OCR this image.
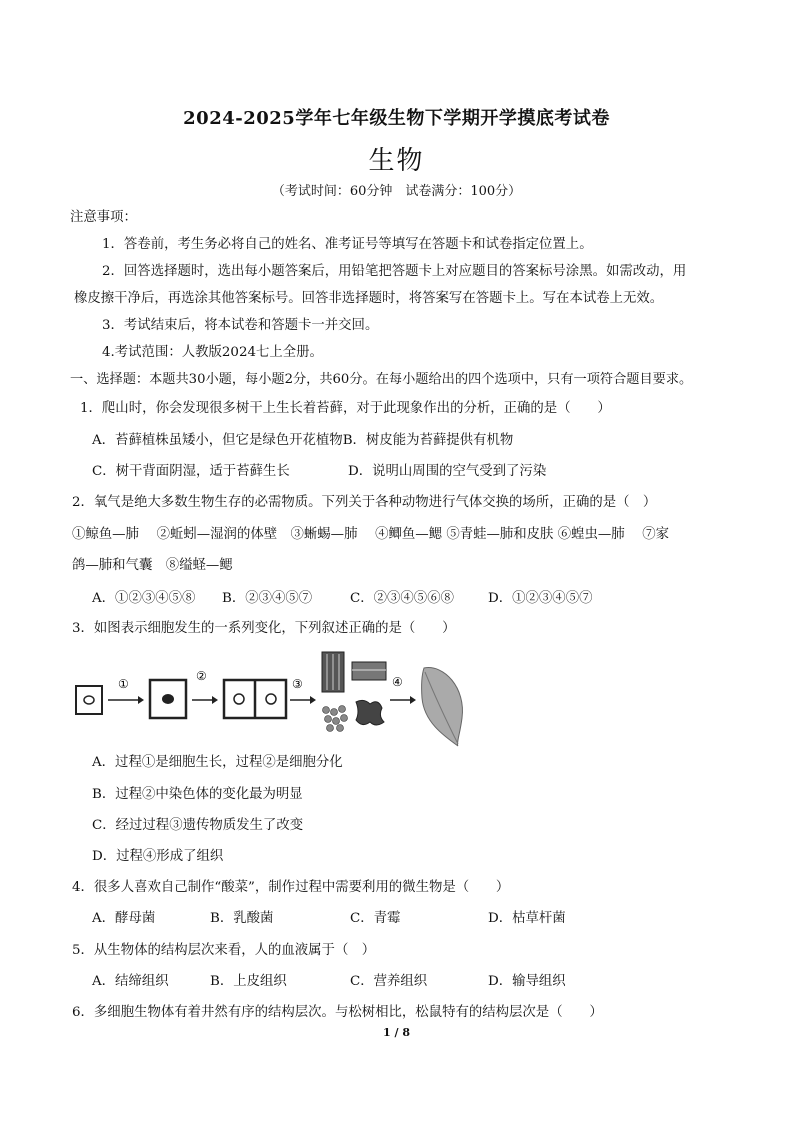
2024-2025学年七年级生物下学期开学摸底考试卷
生物
（考试时间：60分钟　试卷满分：100分）
注意事项：
1．答卷前，考生务必将自己的姓名、准考证号等填写在答题卡和试卷指定位置上。
2．回答选择题时，选出每小题答案后，用铅笔把答题卡上对应题目的答案标号涂黑。如需改动，用
橡皮擦干净后，再选涂其他答案标号。回答非选择题时，将答案写在答题卡上。写在本试卷上无效。
3．考试结束后，将本试卷和答题卡一并交回。
4.考试范围：人教版2024七上全册。
一、选择题：本题共30小题，每小题2分，共60分。在每小题给出的四个选项中，只有一项符合题目要求。
1．爬山时，你会发现很多树干上生长着苔藓，对于此现象作出的分析，正确的是（　　）
A．苔藓植株虽矮小，但它是绿色开花植物B．树皮能为苔藓提供有机物
C．树干背面阴湿，适于苔藓生长	D．说明山周围的空气受到了污染
2．氧气是绝大多数生物生存的必需物质。下列关于各种动物进行气体交换的场所，正确的是（　）
①鲸鱼—肺　 ②蚯蚓—湿润的体壁　③蜥蜴—肺　 ④鲫鱼—鳃 ⑤青蛙—肺和皮肤 ⑥蝗虫—肺　 ⑦家
鸽—肺和气囊　⑧缢蛏—鳃
A．①②③④⑤⑧ B．②③④⑤⑦	C．②③④⑤⑥⑧	D．①②③④⑤⑦
3．如图表示细胞发生的一系列变化，下列叙述正确的是（　　）
①
②
③	④
A．过程①是细胞生长，过程②是细胞分化
B．过程②中染色体的变化最为明显
C．经过过程③遗传物质发生了改变
D．过程④形成了组织
4．很多人喜欢自己制作“酸菜”，制作过程中需要利用的微生物是（　　）
A．酵母菌	B．乳酸菌	C．青霉	D．枯草杆菌
5．从生物体的结构层次来看，人的血液属于（　）
A．结缔组织	B．上皮组织	C．营养组织	D．输导组织
6．多细胞生物体有着井然有序的结构层次。与松树相比，松鼠特有的结构层次是（　　）
1 / 8
